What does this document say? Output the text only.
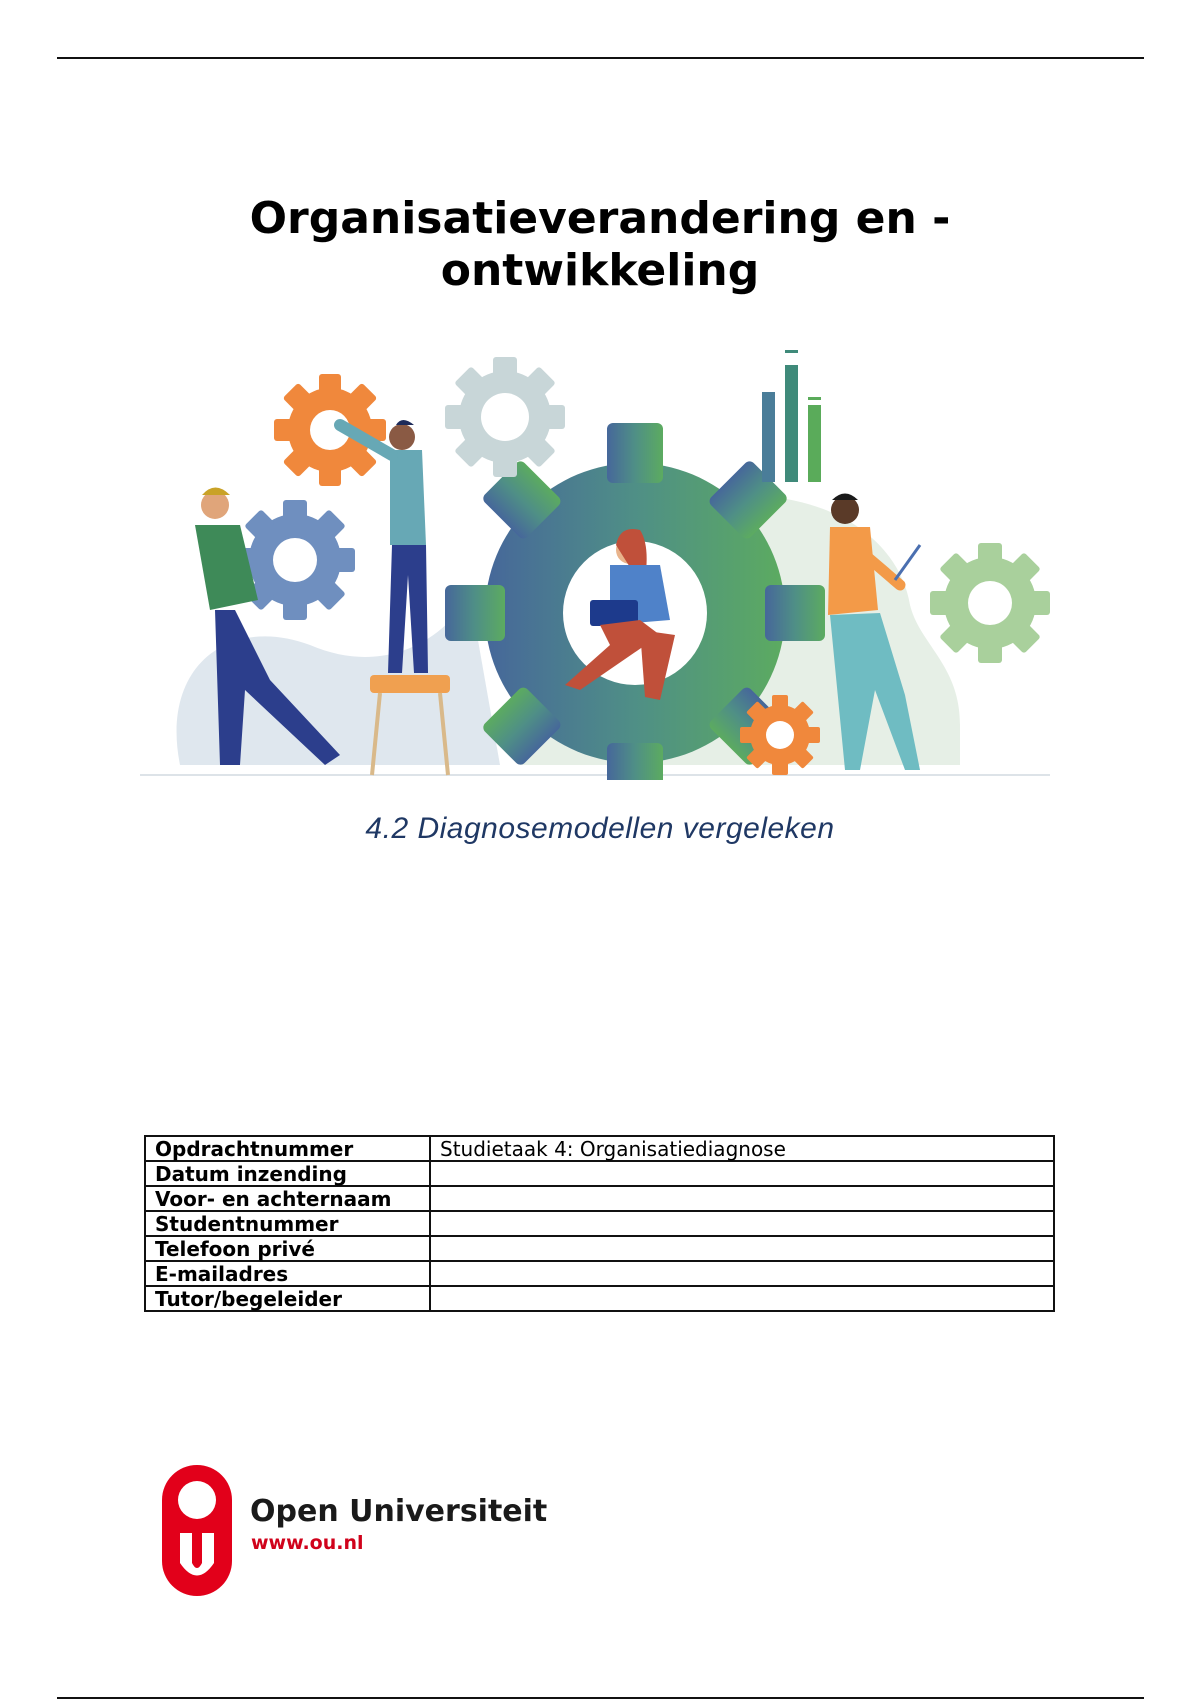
Organisatieverandering en -
ontwikkeling
4.2 Diagnosemodellen vergeleken
Opdrachtnummer	Studietaak 4: Organisatiediagnose
Datum inzending	
Voor- en achternaam	
Studentnummer	
Telefoon privé	
E-mailadres	
Tutor/begeleider	
Open Universiteit
www.ou.nl
